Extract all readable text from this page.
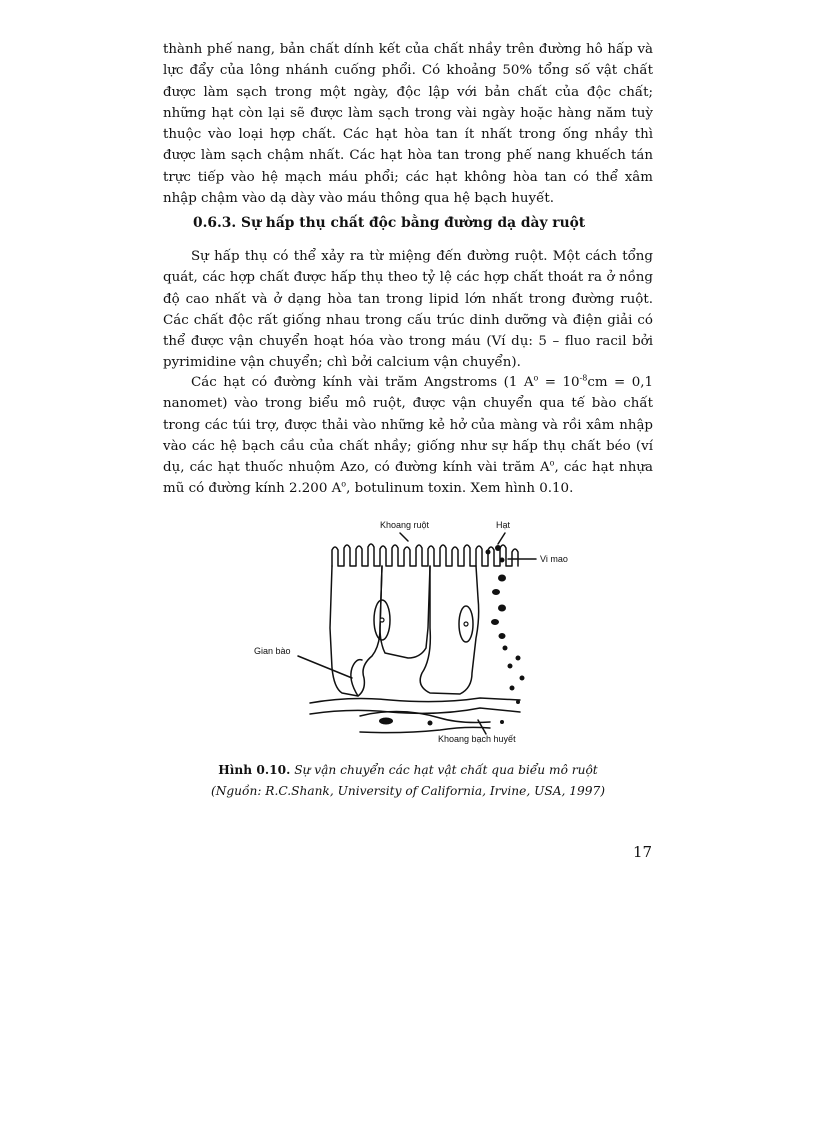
thành phế nang, bản chất dính kết của chất nhầy trên đường hô hấp và lực đẩy của lông nhánh cuống phổi. Có khoảng 50% tổng số vật chất được làm sạch trong một ngày, độc lập với bản chất của độc chất; những hạt còn lại sẽ được làm sạch trong vài ngày hoặc hàng năm tuỳ thuộc vào loại hợp chất. Các hạt hòa tan ít nhất trong ống nhầy thì được làm sạch chậm nhất. Các hạt hòa tan trong phế nang khuếch tán trực tiếp vào hệ mạch máu phổi; các hạt không hòa tan có thể xâm nhập chậm vào dạ dày vào máu thông qua hệ bạch huyết.

0.6.3. Sự hấp thụ chất độc bằng đường dạ dày ruột

Sự hấp thụ có thể xảy ra từ miệng đến đường ruột. Một cách tổng quát, các hợp chất được hấp thụ theo tỷ lệ các hợp chất thoát ra ở nồng độ cao nhất và ở dạng hòa tan trong lipid lớn nhất trong đường ruột. Các chất độc rất giống nhau trong cấu trúc dinh dưỡng và điện giải có thể được vận chuyển hoạt hóa vào trong máu (Ví dụ: 5 – fluo racil bởi pyrimidine vận chuyển; chì bởi calcium vận chuyển).

Các hạt có đường kính vài trăm Angstroms (1 $A^o = 10^{-8}cm = 0,1$ nanomet) vào trong biểu mô ruột, được vận chuyển qua tế bào chất trong các túi trợ, được thải vào những kẻ hở của màng và rồi xâm nhập vào các hệ bạch cầu của chất nhầy; giống như sự hấp thụ chất béo (ví dụ, các hạt thuốc nhuộm Azo, có đường kính vài trăm $A^o$, các hạt nhựa mũ có đường kính 2.200 $A^o$, botulinum toxin. Xem hình 0.10.

Khoang ruột	Hạt
Vi mao
Gian bào
Khoang bạch huyết
Hình 0.10. Sự vận chuyển các hạt vật chất qua biểu mô ruột
(Nguồn: R.C.Shank, University of California, Irvine, USA, 1997)
17
